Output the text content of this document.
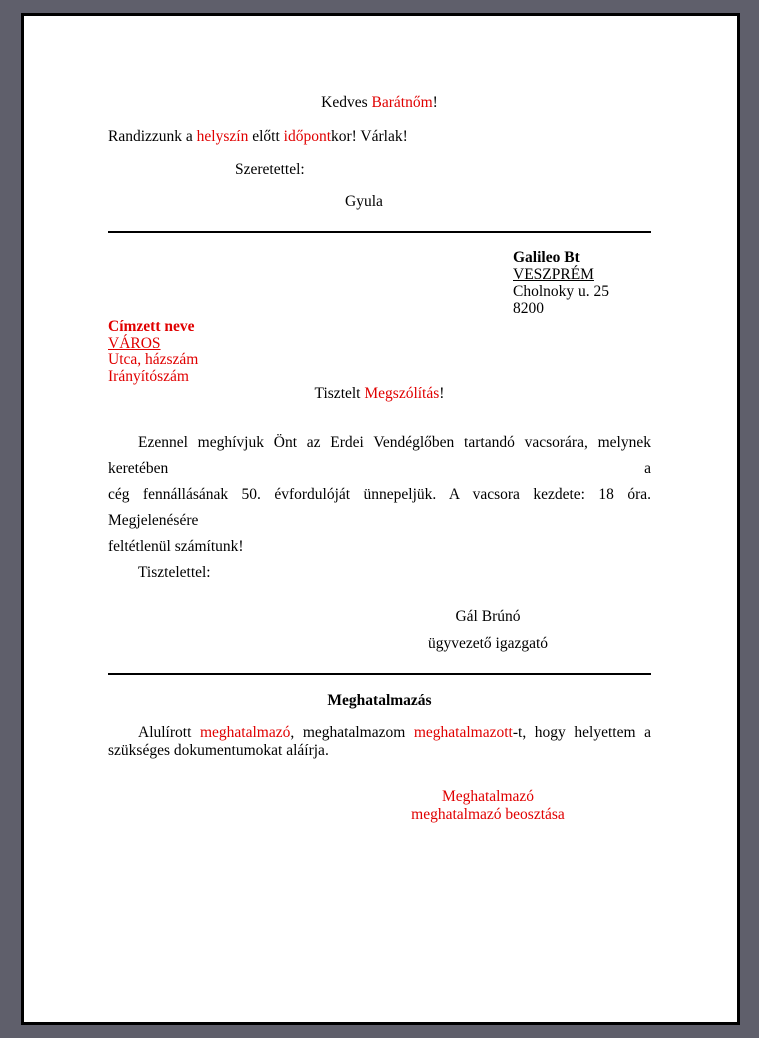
Kedves Barátnőm!

Randizzunk a helyszín előtt időpontkor! Várlak!

Szeretettel:

Gyula

Galileo Bt

VESZPRÉM

Cholnoky u. 25

8200

Címzett neve

VÁROS

Utca, házszám

Irányítószám

Tisztelt Megszólítás!

Ezennel meghívjuk Önt az Erdei Vendéglőben tartandó vacsorára, melynek keretében a
cég fennállásának 50. évfordulóját ünnepeljük. A vacsora kezdete: 18 óra. Megjelenésére
feltétlenül számítunk!

Tisztelettel:

Gál Brúnó

ügyvezető igazgató

Meghatalmazás

Alulírott meghatalmazó, meghatalmazom meghatalmazott-t, hogy helyettem a
szükséges dokumentumokat aláírja.

Meghatalmazó

meghatalmazó beosztása
